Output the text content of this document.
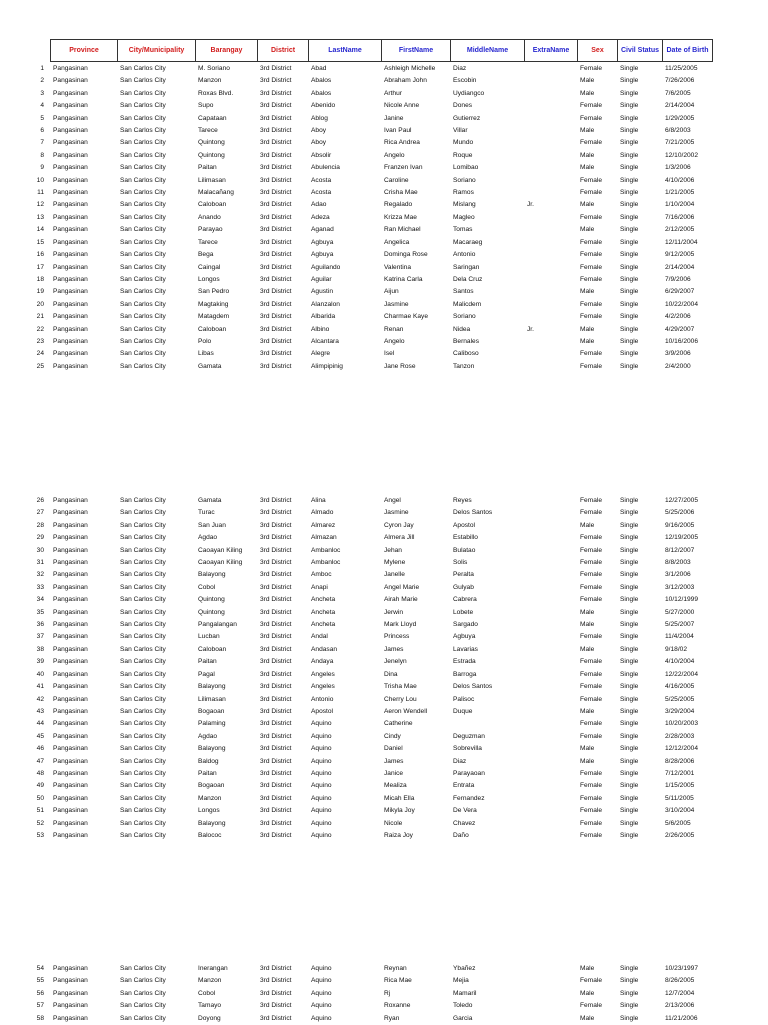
Province	City/Municipality	Barangay	District	LastName	FirstName	MiddleName	ExtraName	Sex	Civil Status	Date of Birth
1	Pangasinan	San Carlos City	M. Soriano	3rd District	Abad	Ashleigh Michelle	Diaz		Female	Single	11/25/2005
2	Pangasinan	San Carlos City	Manzon	3rd District	Abalos	Abraham John	Escobin		Male	Single	7/26/2006
3	Pangasinan	San Carlos City	Roxas Blvd.	3rd District	Abalos	Arthur	Uydiangco		Male	Single	7/6/2005
4	Pangasinan	San Carlos City	Supo	3rd District	Abenido	Nicole Anne	Dones		Female	Single	2/14/2004
5	Pangasinan	San Carlos City	Capataan	3rd District	Ablog	Janine	Gutierrez		Female	Single	1/29/2005
6	Pangasinan	San Carlos City	Tarece	3rd District	Aboy	Ivan Paul	Villar		Male	Single	6/8/2003
7	Pangasinan	San Carlos City	Quintong	3rd District	Aboy	Rica Andrea	Mundo		Female	Single	7/21/2005
8	Pangasinan	San Carlos City	Quintong	3rd District	Absolir	Angelo	Roque		Male	Single	12/10/2002
9	Pangasinan	San Carlos City	Paitan	3rd District	Abulencia	Franzen Ivan	Lomibao		Male	Single	1/3/2006
10	Pangasinan	San Carlos City	Lilimasan	3rd District	Acosta	Caroline	Soriano		Female	Single	4/10/2006
11	Pangasinan	San Carlos City	Malacañang	3rd District	Acosta	Crisha Mae	Ramos		Female	Single	1/21/2005
12	Pangasinan	San Carlos City	Caloboan	3rd District	Adao	Regalado	Mislang	Jr.	Male	Single	1/10/2004
13	Pangasinan	San Carlos City	Anando	3rd District	Adeza	Krizza Mae	Magleo		Female	Single	7/16/2006
14	Pangasinan	San Carlos City	Parayao	3rd District	Aganad	Ran Michael	Tomas		Male	Single	2/12/2005
15	Pangasinan	San Carlos City	Tarece	3rd District	Agbuya	Angelica	Macaraeg		Female	Single	12/11/2004
16	Pangasinan	San Carlos City	Bega	3rd District	Agbuya	Dominga Rose	Antonio		Female	Single	9/12/2005
17	Pangasinan	San Carlos City	Caingal	3rd District	Aguilando	Valentina	Saringan		Female	Single	2/14/2004
18	Pangasinan	San Carlos City	Longos	3rd District	Aguilar	Katrina Carla	Dela Cruz		Female	Single	7/9/2006
19	Pangasinan	San Carlos City	San Pedro	3rd District	Agustin	Aijun	Santos		Male	Single	6/29/2007
20	Pangasinan	San Carlos City	Magtaking	3rd District	Alanzalon	Jasmine	Malicdem		Female	Single	10/22/2004
21	Pangasinan	San Carlos City	Matagdem	3rd District	Albarida	Charmae Kaye	Soriano		Female	Single	4/2/2006
22	Pangasinan	San Carlos City	Caloboan	3rd District	Albino	Renan	Nidea	Jr.	Male	Single	4/29/2007
23	Pangasinan	San Carlos City	Polo	3rd District	Alcantara	Angelo	Bernales		Male	Single	10/16/2006
24	Pangasinan	San Carlos City	Libas	3rd District	Alegre	Isel	Caliboso		Female	Single	3/9/2006
25	Pangasinan	San Carlos City	Gamata	3rd District	Alimpipinig	Jane Rose	Tanzon		Female	Single	2/4/2000
26	Pangasinan	San Carlos City	Gamata	3rd District	Alina	Angel	Reyes		Female	Single	12/27/2005
27	Pangasinan	San Carlos City	Turac	3rd District	Almado	Jasmine	Delos Santos		Female	Single	5/25/2006
28	Pangasinan	San Carlos City	San Juan	3rd District	Almarez	Cyron Jay	Apostol		Male	Single	9/16/2005
29	Pangasinan	San Carlos City	Agdao	3rd District	Almazan	Almera Jill	Estabillo		Female	Single	12/19/2005
30	Pangasinan	San Carlos City	Caoayan Kiling	3rd District	Ambanloc	Jehan	Bulatao		Female	Single	8/12/2007
31	Pangasinan	San Carlos City	Caoayan Kiling	3rd District	Ambanloc	Mylene	Solis		Female	Single	8/8/2003
32	Pangasinan	San Carlos City	Balayong	3rd District	Amboc	Janelle	Peralta		Female	Single	3/1/2006
33	Pangasinan	San Carlos City	Cobol	3rd District	Anapi	Angel Marie	Gulyab		Female	Single	3/12/2003
34	Pangasinan	San Carlos City	Quintong	3rd District	Ancheta	Airah Marie	Cabrera		Female	Single	10/12/1999
35	Pangasinan	San Carlos City	Quintong	3rd District	Ancheta	Jerwin	Lobete		Male	Single	5/27/2000
36	Pangasinan	San Carlos City	Pangalangan	3rd District	Ancheta	Mark Lloyd	Sargado		Male	Single	5/25/2007
37	Pangasinan	San Carlos City	Lucban	3rd District	Andal	Princess	Agbuya		Female	Single	11/4/2004
38	Pangasinan	San Carlos City	Caloboan	3rd District	Andasan	James	Lavarias		Male	Single	9/18/02
39	Pangasinan	San Carlos City	Paitan	3rd District	Andaya	Jenelyn	Estrada		Female	Single	4/10/2004
40	Pangasinan	San Carlos City	Pagal	3rd District	Angeles	Dina	Barroga		Female	Single	12/22/2004
41	Pangasinan	San Carlos City	Balayong	3rd District	Angeles	Trisha Mae	Delos Santos		Female	Single	4/16/2005
42	Pangasinan	San Carlos City	Lilimasan	3rd District	Antonio	Cherry Lou	Palisoc		Female	Single	5/25/2005
43	Pangasinan	San Carlos City	Bogaoan	3rd District	Apostol	Aeron Wendell	Duque		Male	Single	3/29/2004
44	Pangasinan	San Carlos City	Palaming	3rd District	Aquino	Catherine			Female	Single	10/20/2003
45	Pangasinan	San Carlos City	Agdao	3rd District	Aquino	Cindy	Deguzman		Female	Single	2/28/2003
46	Pangasinan	San Carlos City	Balayong	3rd District	Aquino	Daniel	Sobrevilla		Male	Single	12/12/2004
47	Pangasinan	San Carlos City	Baldog	3rd District	Aquino	James	Diaz		Male	Single	8/28/2006
48	Pangasinan	San Carlos City	Paitan	3rd District	Aquino	Janice	Parayaoan		Female	Single	7/12/2001
49	Pangasinan	San Carlos City	Bogaoan	3rd District	Aquino	Mealiza	Entrata		Female	Single	1/15/2005
50	Pangasinan	San Carlos City	Manzon	3rd District	Aquino	Micah Ella	Fernandez		Female	Single	5/11/2005
51	Pangasinan	San Carlos City	Longos	3rd District	Aquino	Mikyla Joy	De Vera		Female	Single	3/10/2004
52	Pangasinan	San Carlos City	Balayong	3rd District	Aquino	Nicole	Chavez		Female	Single	5/6/2005
53	Pangasinan	San Carlos City	Balococ	3rd District	Aquino	Raiza Joy	Daño		Female	Single	2/26/2005
54	Pangasinan	San Carlos City	Inerangan	3rd District	Aquino	Reynan	Ybañez		Male	Single	10/23/1997
55	Pangasinan	San Carlos City	Manzon	3rd District	Aquino	Rica Mae	Mejia		Female	Single	8/26/2005
56	Pangasinan	San Carlos City	Cobol	3rd District	Aquino	Rj	Mamaril		Male	Single	12/7/2004
57	Pangasinan	San Carlos City	Tamayo	3rd District	Aquino	Roxanne	Toledo		Female	Single	2/13/2006
58	Pangasinan	San Carlos City	Doyong	3rd District	Aquino	Ryan	Garcia		Male	Single	11/21/2006
